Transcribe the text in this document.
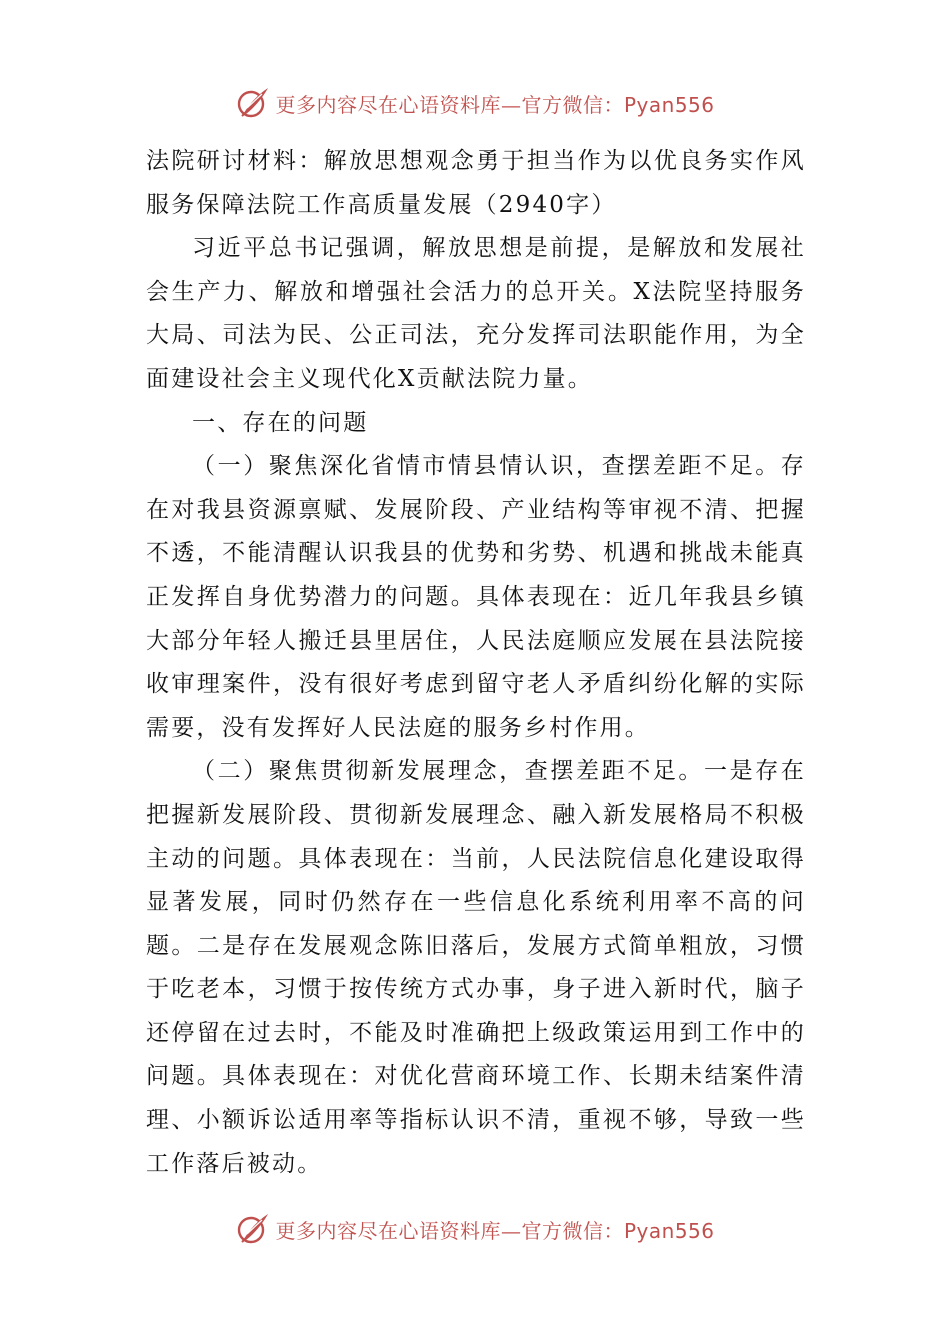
更多内容尽在心语资料库—官方微信：Pyan556

法院研讨材料：解放思想观念勇于担当作为以优良务实作风服务保障法院工作高质量发展（2940字）

习近平总书记强调，解放思想是前提，是解放和发展社会生产力、解放和增强社会活力的总开关。X法院坚持服务大局、司法为民、公正司法，充分发挥司法职能作用，为全面建设社会主义现代化X贡献法院力量。

一、存在的问题

（一）聚焦深化省情市情县情认识，查摆差距不足。存在对我县资源禀赋、发展阶段、产业结构等审视不清、把握不透，不能清醒认识我县的优势和劣势、机遇和挑战未能真正发挥自身优势潜力的问题。具体表现在：近几年我县乡镇大部分年轻人搬迁县里居住，人民法庭顺应发展在县法院接收审理案件，没有很好考虑到留守老人矛盾纠纷化解的实际需要，没有发挥好人民法庭的服务乡村作用。

（二）聚焦贯彻新发展理念，查摆差距不足。一是存在把握新发展阶段、贯彻新发展理念、融入新发展格局不积极主动的问题。具体表现在：当前，人民法院信息化建设取得显著发展，同时仍然存在一些信息化系统利用率不高的问题。二是存在发展观念陈旧落后，发展方式简单粗放，习惯于吃老本，习惯于按传统方式办事，身子进入新时代，脑子还停留在过去时，不能及时准确把上级政策运用到工作中的问题。具体表现在：对优化营商环境工作、长期未结案件清理、小额诉讼适用率等指标认识不清，重视不够，导致一些工作落后被动。

更多内容尽在心语资料库—官方微信：Pyan556
